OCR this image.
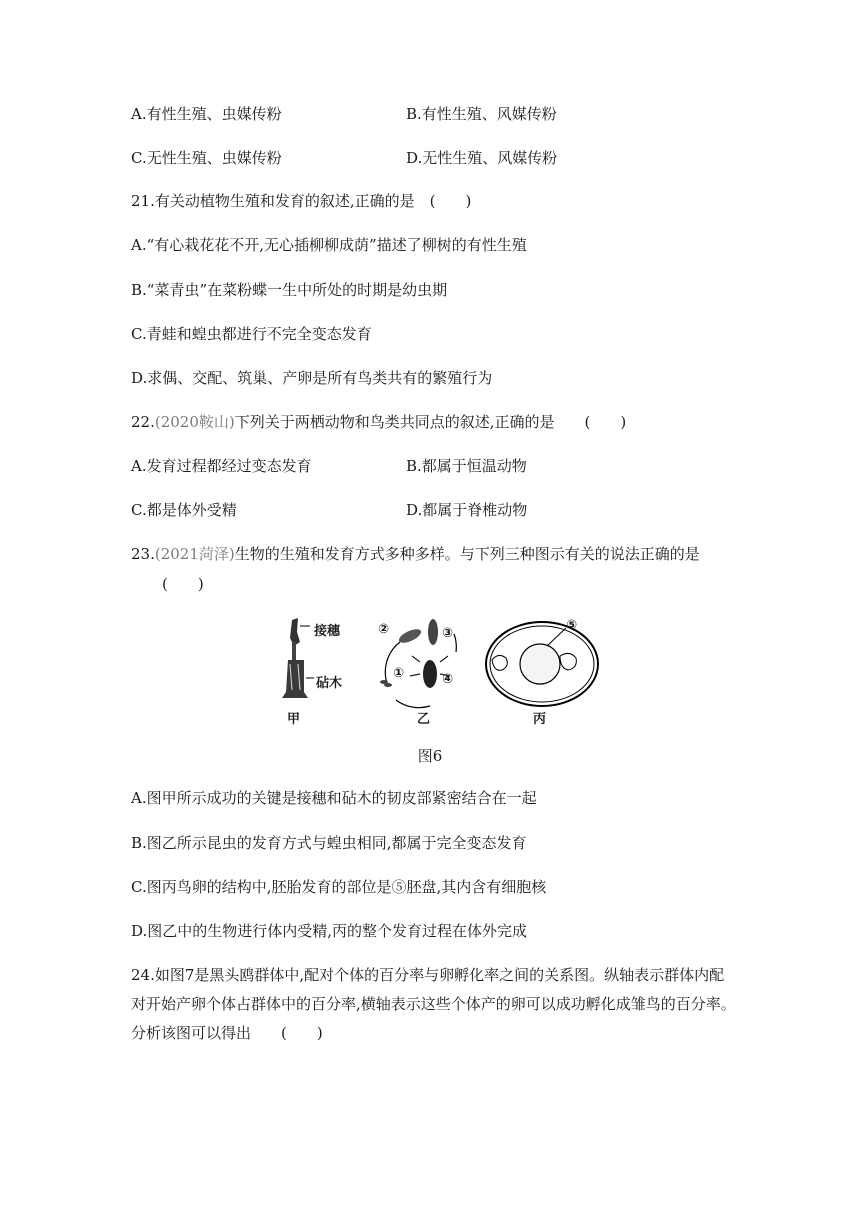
A.有性生殖、虫媒传粉	B.有性生殖、风媒传粉
C.无性生殖、虫媒传粉	D.无性生殖、风媒传粉
21.有关动植物生殖和发育的叙述,正确的是　(　　)
A.“有心栽花花不开,无心插柳柳成荫”描述了柳树的有性生殖
B.“菜青虫”在菜粉蝶一生中所处的时期是幼虫期
C.青蛙和蝗虫都进行不完全变态发育
D.求偶、交配、筑巢、产卵是所有鸟类共有的繁殖行为
22.(2020鞍山)下列关于两栖动物和鸟类共同点的叙述,正确的是　　(　　)
A.发育过程都经过变态发育	B.都属于恒温动物
C.都是体外受精	D.都属于脊椎动物
23.(2021菏泽)生物的生殖和发育方式多种多样。与下列三种图示有关的说法正确的是
(　　)
接穗
砧木
②	③
①	④
⑤
甲	乙	丙
图6
A.图甲所示成功的关键是接穗和砧木的韧皮部紧密结合在一起
B.图乙所示昆虫的发育方式与蝗虫相同,都属于完全变态发育
C.图丙鸟卵的结构中,胚胎发育的部位是⑤胚盘,其内含有细胞核
D.图乙中的生物进行体内受精,丙的整个发育过程在体外完成
24.如图7是黑头鸥群体中,配对个体的百分率与卵孵化率之间的关系图。纵轴表示群体内配
对开始产卵个体占群体中的百分率,横轴表示这些个体产的卵可以成功孵化成雏鸟的百分率。
分析该图可以得出　　(　　)
